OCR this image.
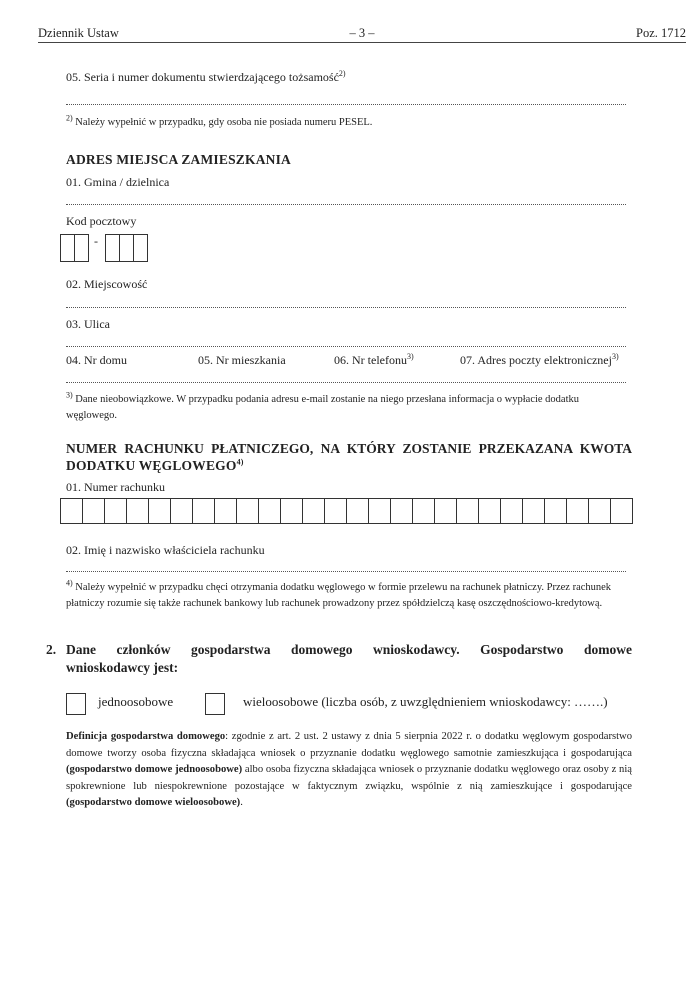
Dziennik Ustaw	– 3 –	Poz. 1712
05. Seria i numer dokumentu stwierdzającego tożsamość$^{2)}$
$^{2)}$ Należy wypełnić w przypadku, gdy osoba nie posiada numeru PESEL.
ADRES MIEJSCA ZAMIESZKANIA
01. Gmina / dzielnica
Kod pocztowy
-
02. Miejscowość
03. Ulica
04. Nr domu	05. Nr mieszkania	06. Nr telefonu$^{3)}$	07. Adres poczty elektronicznej$^{3)}$
$^{3)}$ Dane nieobowiązkowe. W przypadku podania adresu e-mail zostanie na niego przesłana informacja o wypłacie dodatku węglowego.
NUMER RACHUNKU PŁATNICZEGO, NA KTÓRY ZOSTANIE PRZEKAZANA KWOTA
DODATKU WĘGLOWEGO$^{4)}$
01. Numer rachunku
02. Imię i nazwisko właściciela rachunku
$^{4)}$ Należy wypełnić w przypadku chęci otrzymania dodatku węglowego w formie przelewu na rachunek płatniczy. Przez rachunek płatniczy rozumie się także rachunek bankowy lub rachunek prowadzony przez spółdzielczą kasę oszczędnościowo-kredytową.
2. Dane członków gospodarstwa domowego wnioskodawcy. Gospodarstwo domowe
wnioskodawcy jest:
jednoosobowe	wieloosobowe (liczba osób, z uwzględnieniem wnioskodawcy: …….)
Definicja gospodarstwa domowego: zgodnie z art. 2 ust. 2 ustawy z dnia 5 sierpnia 2022 r. o dodatku węglowym gospodarstwo domowe tworzy osoba fizyczna składająca wniosek o przyznanie dodatku węglowego samotnie zamieszkująca i gospodarująca (gospodarstwo domowe jednoosobowe) albo osoba fizyczna składająca wniosek o przyznanie dodatku węglowego oraz osoby z nią spokrewnione lub niespokrewnione pozostające w faktycznym związku, wspólnie z nią zamieszkujące i gospodarujące (gospodarstwo domowe wieloosobowe).
